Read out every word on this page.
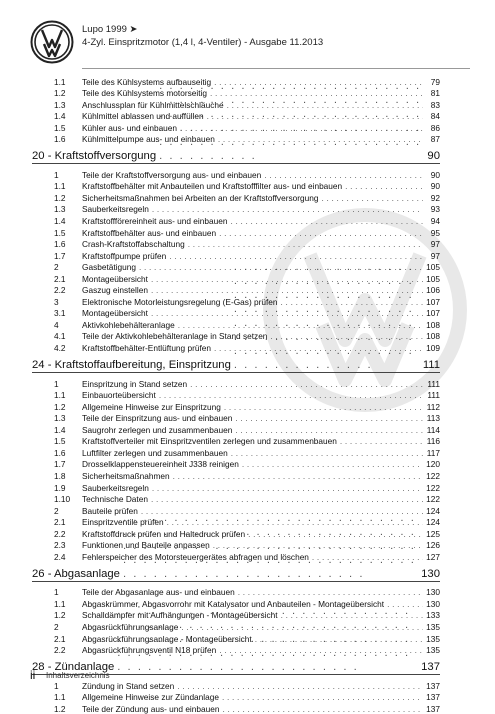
Lupo 1999 ➤
4-Zyl. Einspritzmotor (1,4 l, 4-Ventiler) - Ausgabe 11.2013
1.1	Teile des Kühlsystems aufbauseitig . . .	79
1.2	Teile des Kühlsystems motorseitig . . .	81
1.3	Anschlussplan für Kühlmittelschläuche . . .	83
1.4	Kühlmittel ablassen und auffüllen . . .	84
1.5	Kühler aus- und einbauen . . .	86
1.6	Kühlmittelpumpe aus- und einbauen . . .	87
20 - Kraftstoffversorgung . . .	90
1	Teile der Kraftstoffversorgung aus- und einbauen . . .	90
1.1	Kraftstoffbehälter mit Anbauteilen und Kraftstofffilter aus- und einbauen . . .	90
1.2	Sicherheitsmaßnahmen bei Arbeiten an der Kraftstoffversorgung . . .	92
1.3	Sauberkeitsregeln . . .	93
1.4	Kraftstoffförereinheit aus- und einbauen . . .	94
1.5	Kraftstoffbehälter aus- und einbauen . . .	95
1.6	Crash-Kraftstoffabschaltung . . .	97
1.7	Kraftstoffpumpe prüfen . . .	97
2	Gasbetätigung . . .	105
2.1	Montageübersicht . . .	105
2.2	Gaszug einstellen . . .	106
3	Elektronische Motorleistungsregelung (E-Gas) prüfen . . .	107
3.1	Montageübersicht . . .	107
4	Aktivkohlebehälteranlage . . .	108
4.1	Teile der Aktivkohlebehälteranlage in Stand setzen . . .	108
4.2	Kraftstoffbehälter-Entlüftung prüfen . . .	109
24 - Kraftstoffaufbereitung, Einspritzung . . .	111
1	Einspritzung in Stand setzen . . .	111
1.1	Einbauorteübersicht . . .	111
1.2	Allgemeine Hinweise zur Einspritzung . . .	112
1.3	Teile der Einspritzung aus- und einbauen . . .	113
1.4	Saugrohr zerlegen und zusammenbauen . . .	114
1.5	Kraftstoffverteiler mit Einspritzventilen zerlegen und zusammenbauen . . .	116
1.6	Luftfilter zerlegen und zusammenbauen . . .	117
1.7	Drosselklappensteuereinheit J338 reinigen . . .	120
1.8	Sicherheitsmaßnahmen . . .	122
1.9	Sauberkeitsregeln . . .	122
1.10	Technische Daten . . .	122
2	Bauteile prüfen . . .	124
2.1	Einspritzventile prüfen . . .	124
2.2	Kraftstoffdruck prüfen und Haltedruck prüfen . . .	125
2.3	Funktionen und Bauteile anpassen . . .	126
2.4	Fehlerspeicher des Motorsteuergerätes abfragen und löschen . . .	127
26 - Abgasanlage . . .	130
1	Teile der Abgasanlage aus- und einbauen . . .	130
1.1	Abgaskrümmer, Abgasvorrohr mit Katalysator und Anbauteilen - Montageübersicht . . .	130
1.2	Schalldämpfer mit Aufhängungen - Montageübersicht . . .	133
2	Abgasrückführungsanlage . . .	135
2.1	Abgasrückführungsanlage - Montageübersicht . . .	135
2.2	Abgasrückführungsventil N18 prüfen . . .	135
28 - Zündanlage . . .	137
1	Zündung in Stand setzen . . .	137
1.1	Allgemeine Hinweise zur Zündanlage . . .	137
1.2	Teile der Zündung aus- und einbauen . . .	137
ii Inhaltsverzeichnis
